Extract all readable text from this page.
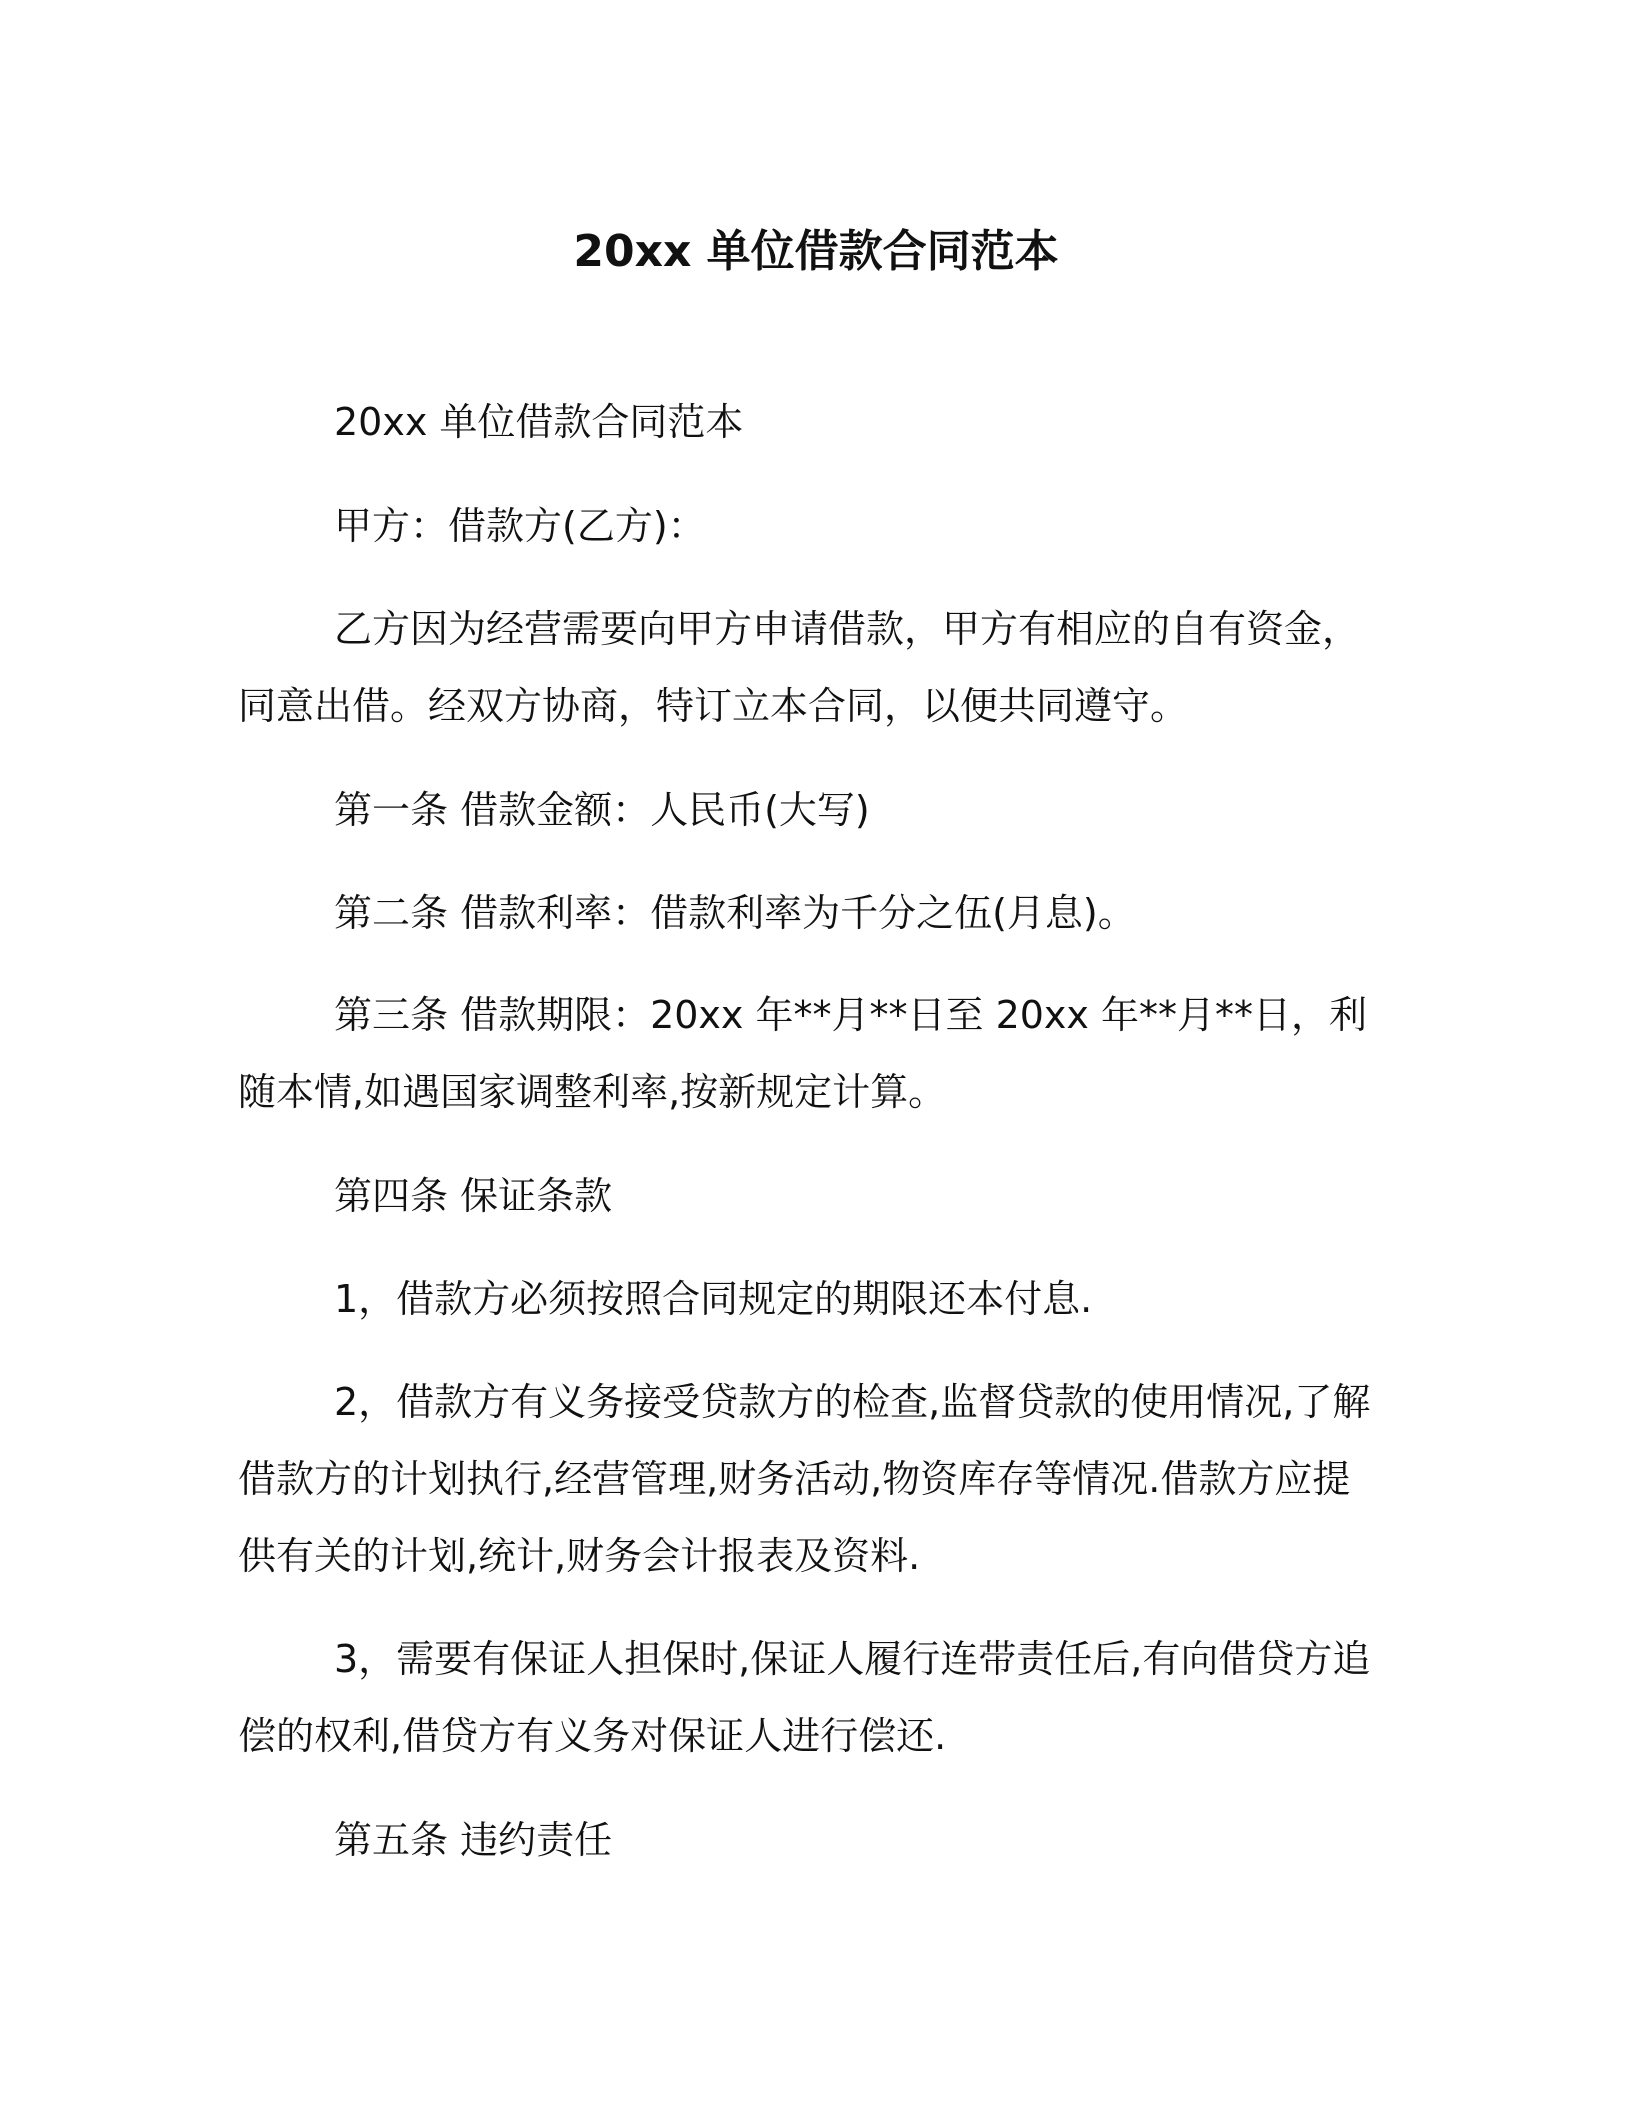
20xx 单位借款合同范本

20xx 单位借款合同范本

甲方：借款方(乙方)：

乙方因为经营需要向甲方申请借款，甲方有相应的自有资金，同意出借。经双方协商，特订立本合同，以便共同遵守。

第一条 借款金额：人民币(大写)

第二条 借款利率：借款利率为千分之伍(月息)。

第三条 借款期限：20xx 年**月**日至 20xx 年**月**日，利随本情,如遇国家调整利率,按新规定计算。

第四条 保证条款

1，借款方必须按照合同规定的期限还本付息.

2，借款方有义务接受贷款方的检查,监督贷款的使用情况,了解借款方的计划执行,经营管理,财务活动,物资库存等情况.借款方应提供有关的计划,统计,财务会计报表及资料.

3，需要有保证人担保时,保证人履行连带责任后,有向借贷方追偿的权利,借贷方有义务对保证人进行偿还.

第五条 违约责任
